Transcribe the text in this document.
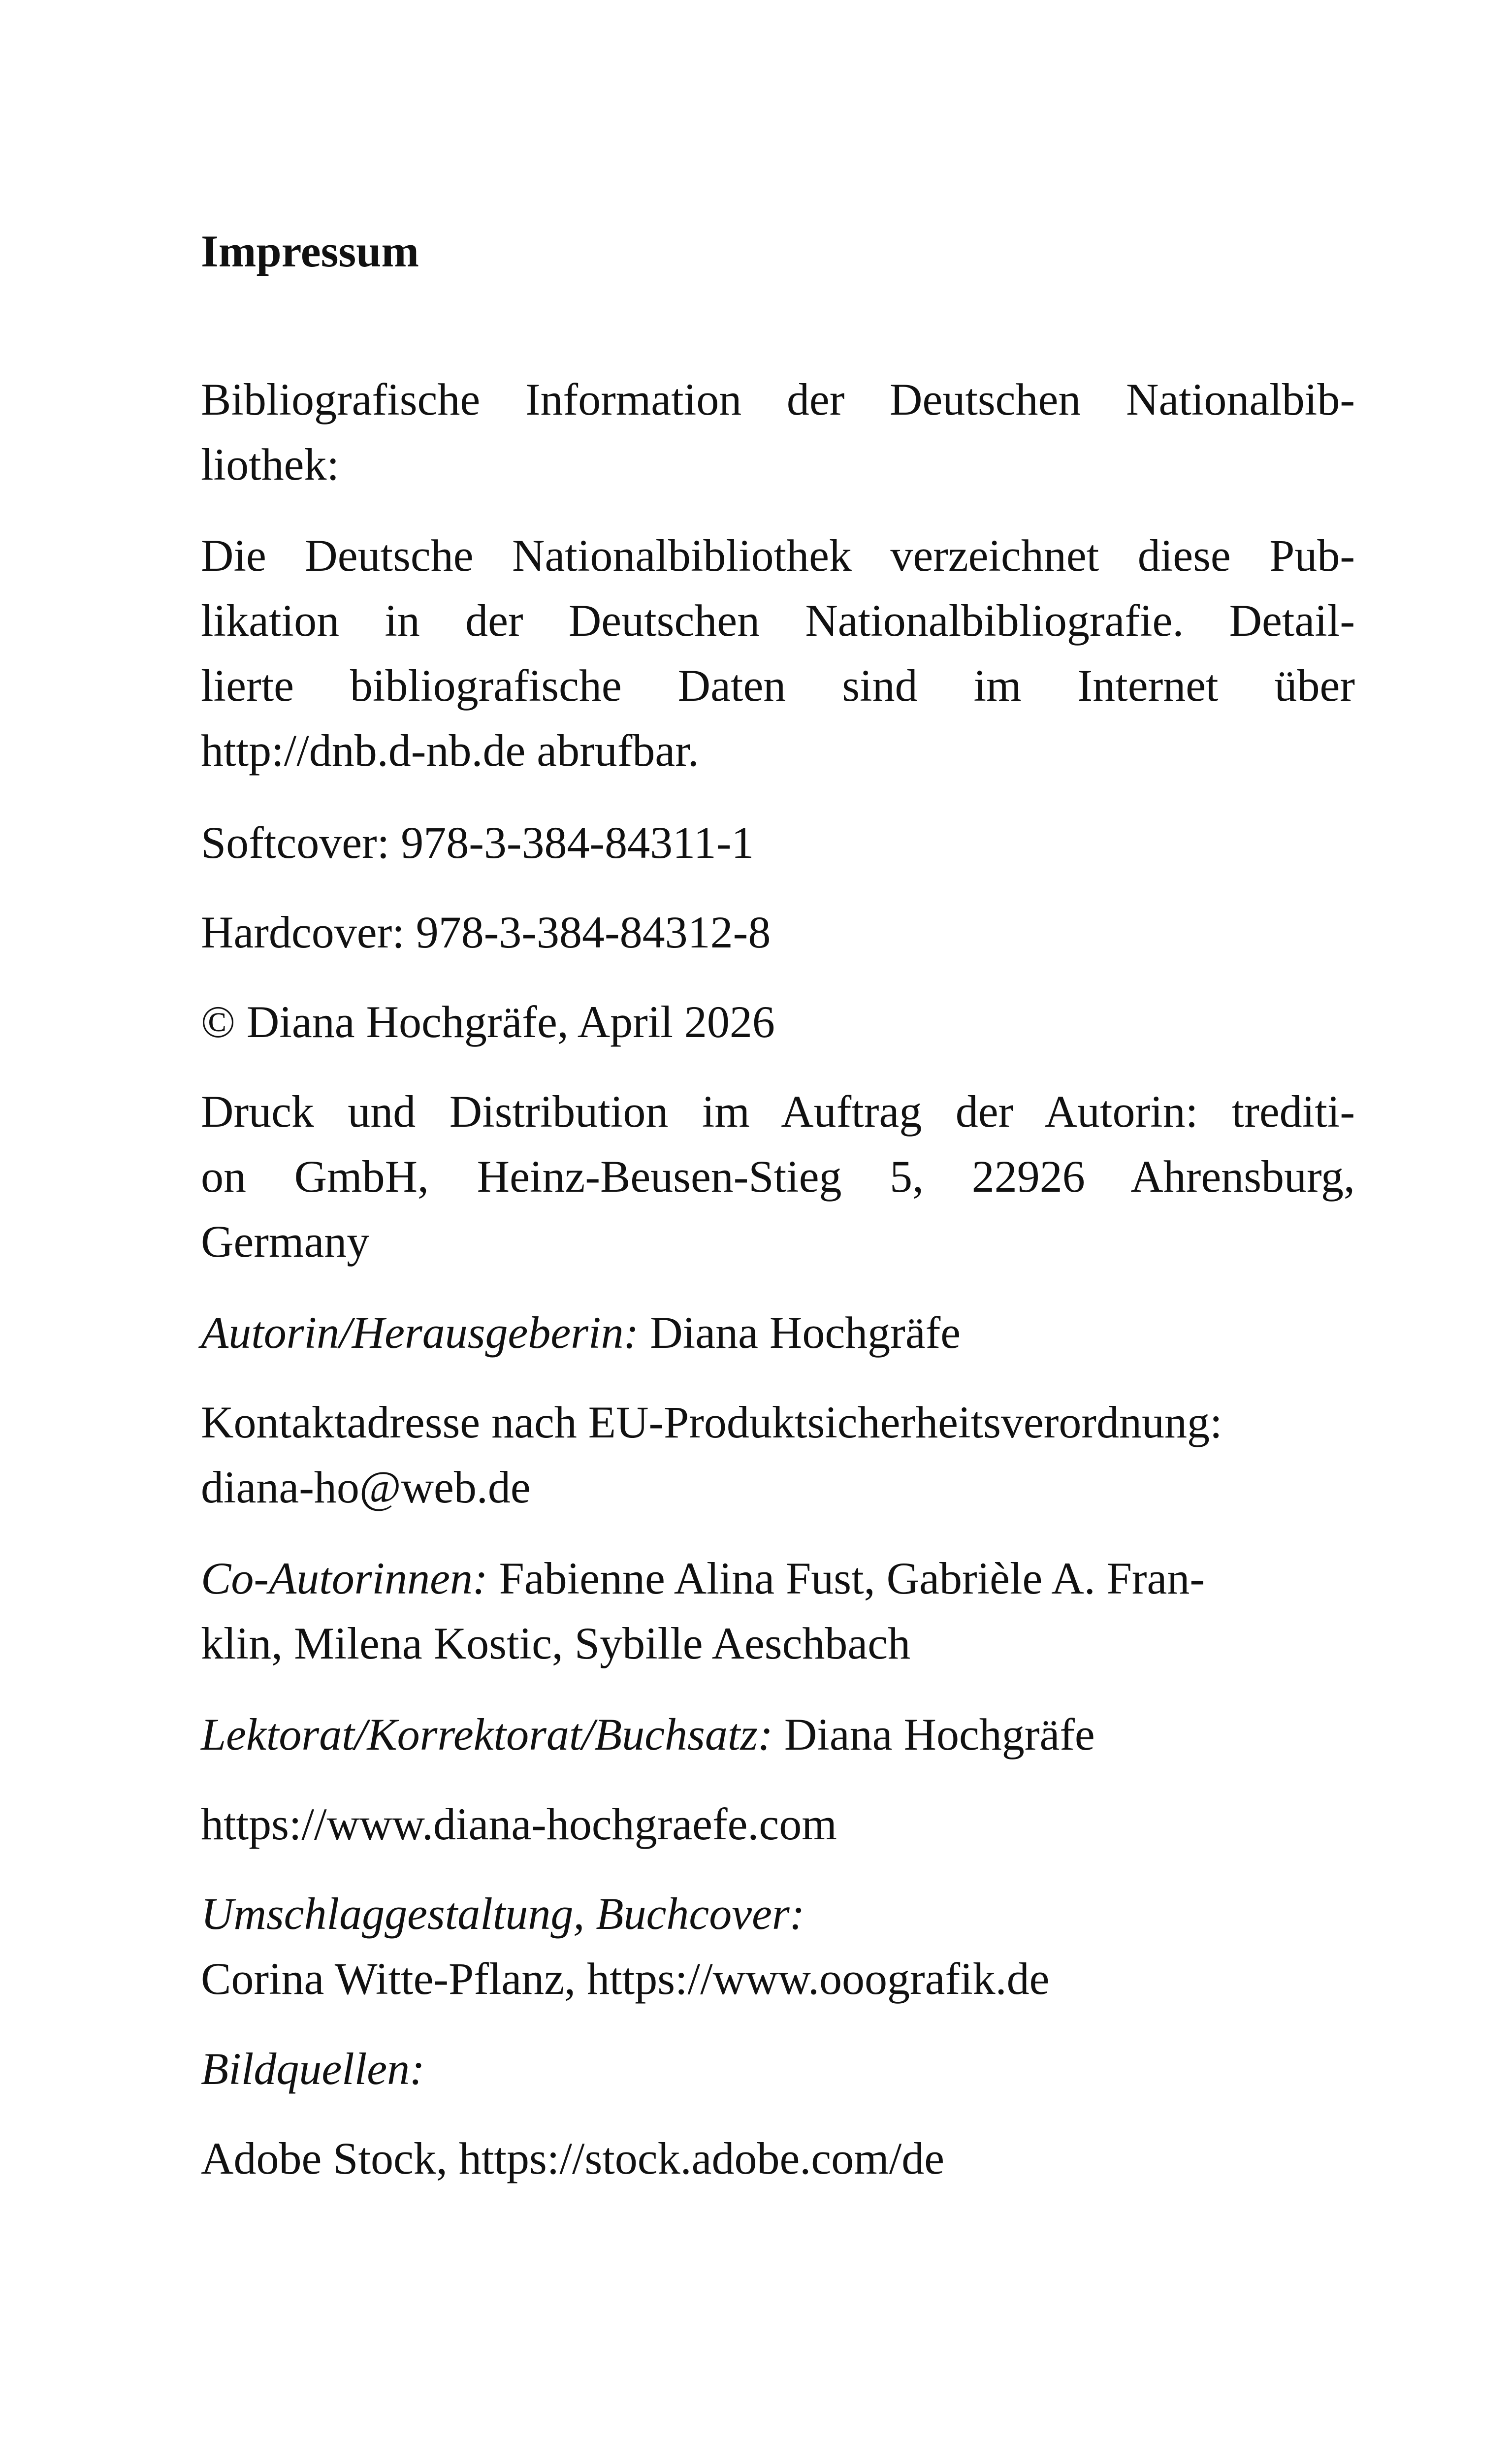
Impressum

Bibliografische Information der Deutschen Nationalbib-
liothek:

Die Deutsche Nationalbibliothek verzeichnet diese Pub-
likation in der Deutschen Nationalbibliografie. Detail-
lierte bibliografische Daten sind im Internet über
http://dnb.d-nb.de abrufbar.

Softcover: 978-3-384-84311-1

Hardcover: 978-3-384-84312-8

© Diana Hochgräfe, April 2026

Druck und Distribution im Auftrag der Autorin: trediti-
on GmbH, Heinz-Beusen-Stieg 5, 22926 Ahrensburg,
Germany

Autorin/Herausgeberin: Diana Hochgräfe

Kontaktadresse nach EU-Produktsicherheitsverordnung:
diana-ho@web.de

Co-Autorinnen: Fabienne Alina Fust, Gabrièle A. Fran-
klin, Milena Kostic, Sybille Aeschbach

Lektorat/Korrektorat/Buchsatz: Diana Hochgräfe

https://www.diana-hochgraefe.com

Umschlaggestaltung, Buchcover:
Corina Witte-Pflanz, https://www.ooografik.de

Bildquellen:

Adobe Stock, https://stock.adobe.com/de
